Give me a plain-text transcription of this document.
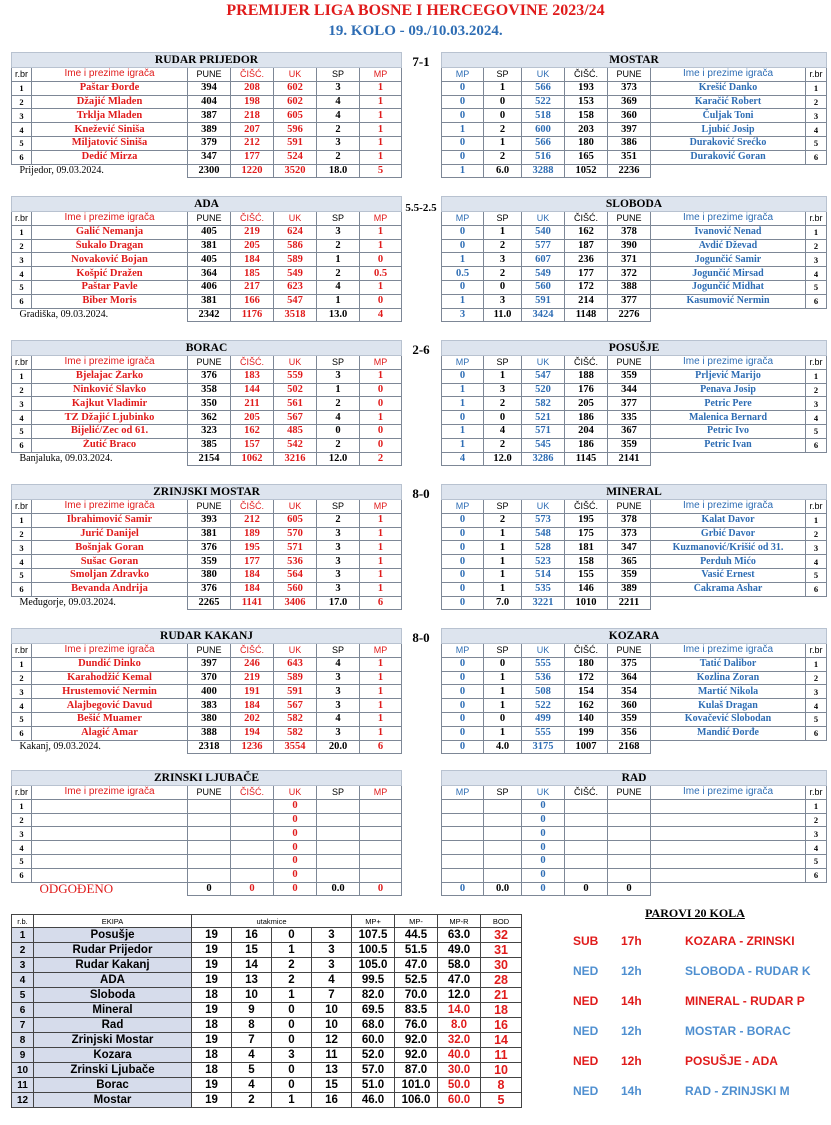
PREMIJER LIGA BOSNE I HERCEGOVINE 2023/24
19. KOLO - 09./10.03.2024.
RUDAR PRIJEDOR						
r.br	Ime i prezime igrača	PUNE	ČIŠĆ.	UK	SP	MP
1	Paštar Đorđe	394	208	602	3	1
2	Džajić Mladen	404	198	602	4	1
3	Trklja Mladen	387	218	605	4	1
4	Knežević Siniša	389	207	596	2	1
5	Miljatović Siniša	379	212	591	3	1
6	Dedić Mirza	347	177	524	2	1
Prijedor, 09.03.2024.		2300	1220	3520	18.0	5
7-1	MOSTAR						
MP	SP	UK	ČIŠĆ.	PUNE	Ime i prezime igrača	r.br
0	1	566	193	373	Krešić Danko	1
0	0	522	153	369	Karačić Robert	2
0	0	518	158	360	Čuljak Toni	3
1	2	600	203	397	Ljubić Josip	4
0	1	566	180	386	Duraković Srećko	5
0	2	516	165	351	Duraković Goran	6
1	6.0	3288	1052	2236		
ADA						
r.br	Ime i prezime igrača	PUNE	ČIŠĆ.	UK	SP	MP
1	Galić Nemanja	405	219	624	3	1
2	Šukalo Dragan	381	205	586	2	1
3	Novaković Bojan	405	184	589	1	0
4	Košpić Dražen	364	185	549	2	0.5
5	Paštar Pavle	406	217	623	4	1
6	Biber Moris	381	166	547	1	0
Gradiška, 09.03.2024.		2342	1176	3518	13.0	4
5.5-2.5	SLOBODA						
MP	SP	UK	ČIŠĆ.	PUNE	Ime i prezime igrača	r.br
0	1	540	162	378	Ivanović Nenad	1
0	2	577	187	390	Avdić Dževad	2
1	3	607	236	371	Jogunčić Samir	3
0.5	2	549	177	372	Jogunčić Mirsad	4
0	0	560	172	388	Jogunčić Midhat	5
1	3	591	214	377	Kasumović Nermin	6
3	11.0	3424	1148	2276		
BORAC						
r.br	Ime i prezime igrača	PUNE	ČIŠĆ.	UK	SP	MP
1	Bjelajac Žarko	376	183	559	3	1
2	Ninković Slavko	358	144	502	1	0
3	Kajkut Vladimir	350	211	561	2	0
4	TZ Džajić Ljubinko	362	205	567	4	1
5	Bijelić/Zec od 61.	323	162	485	0	0
6	Žutić Braco	385	157	542	2	0
Banjaluka, 09.03.2024.		2154	1062	3216	12.0	2
2-6	POSUŠJE						
MP	SP	UK	ČIŠĆ.	PUNE	Ime i prezime igrača	r.br
0	1	547	188	359	Prljević Marijo	1
1	3	520	176	344	Penava Josip	2
1	2	582	205	377	Petric Pere	3
0	0	521	186	335	Malenica Bernard	4
1	4	571	204	367	Petric Ivo	5
1	2	545	186	359	Petric Ivan	6
4	12.0	3286	1145	2141		
ZRINJSKI MOSTAR						
r.br	Ime i prezime igrača	PUNE	ČIŠĆ.	UK	SP	MP
1	Ibrahimović Samir	393	212	605	2	1
2	Jurić Danijel	381	189	570	3	1
3	Bošnjak Goran	376	195	571	3	1
4	Sušac Goran	359	177	536	3	1
5	Smoljan Zdravko	380	184	564	3	1
6	Bevanda Andrija	376	184	560	3	1
Međugorje, 09.03.2024.		2265	1141	3406	17.0	6
8-0	MINERAL						
MP	SP	UK	ČIŠĆ.	PUNE	Ime i prezime igrača	r.br
0	2	573	195	378	Kalat Davor	1
0	1	548	175	373	Grbić Davor	2
0	1	528	181	347	Kuzmanović/Krišić od 31.	3
0	1	523	158	365	Perduh Mićo	4
0	1	514	155	359	Vasić Ernest	5
0	1	535	146	389	Čakrama Ashar	6
0	7.0	3221	1010	2211		
RUDAR KAKANJ						
r.br	Ime i prezime igrača	PUNE	ČIŠĆ.	UK	SP	MP
1	Dundić Dinko	397	246	643	4	1
2	Karahodžić Kemal	370	219	589	3	1
3	Hrustemović Nermin	400	191	591	3	1
4	Alajbegović Davud	383	184	567	3	1
5	Bešić Muamer	380	202	582	4	1
6	Alagić Amar	388	194	582	3	1
Kakanj, 09.03.2024.		2318	1236	3554	20.0	6
8-0	KOZARA						
MP	SP	UK	ČIŠĆ.	PUNE	Ime i prezime igrača	r.br
0	0	555	180	375	Tatić Dalibor	1
0	1	536	172	364	Kozlina Zoran	2
0	1	508	154	354	Martić Nikola	3
0	1	522	162	360	Kulaš Dragan	4
0	0	499	140	359	Kovačević Slobodan	5
0	1	555	199	356	Mandić Đorđe	6
0	4.0	3175	1007	2168		
ZRINSKI LJUBAČE						
r.br	Ime i prezime igrača	PUNE	ČIŠĆ.	UK	SP	MP
1				0		
2				0		
3				0		
4				0		
5				0		
6				0		
ODGOĐENO		0	0	0	0.0	0
RAD						
MP	SP	UK	ČIŠĆ.	PUNE	Ime i prezime igrača	r.br
		0				1
		0				2
		0				3
		0				4
		0				5
		0				6
0	0.0	0	0	0		
r.b.	EKIPA	utakmice				MP+	MP-	MP-R	BOD
1	Posušje	19	16	0	3	107.5	44.5	63.0	32
2	Rudar Prijedor	19	15	1	3	100.5	51.5	49.0	31
3	Rudar Kakanj	19	14	2	3	105.0	47.0	58.0	30
4	ADA	19	13	2	4	99.5	52.5	47.0	28
5	Sloboda	18	10	1	7	82.0	70.0	12.0	21
6	Mineral	19	9	0	10	69.5	83.5	14.0	18
7	Rad	18	8	0	10	68.0	76.0	8.0	16
8	Zrinjski Mostar	19	7	0	12	60.0	92.0	32.0	14
9	Kozara	18	4	3	11	52.0	92.0	40.0	11
10	Zrinski Ljubače	18	5	0	13	57.0	87.0	30.0	10
11	Borac	19	4	0	15	51.0	101.0	50.0	8
12	Mostar	19	2	1	16	46.0	106.0	60.0	5
PAROVI 20 KOLA
SUB 17h	KOZARA - ZRINSKI
NED 12h	SLOBODA - RUDAR K
NED 14h	MINERAL - RUDAR P
NED 12h	MOSTAR - BORAC
NED 12h	POSUŠJE - ADA
NED 14h	RAD - ZRINJSKI M
